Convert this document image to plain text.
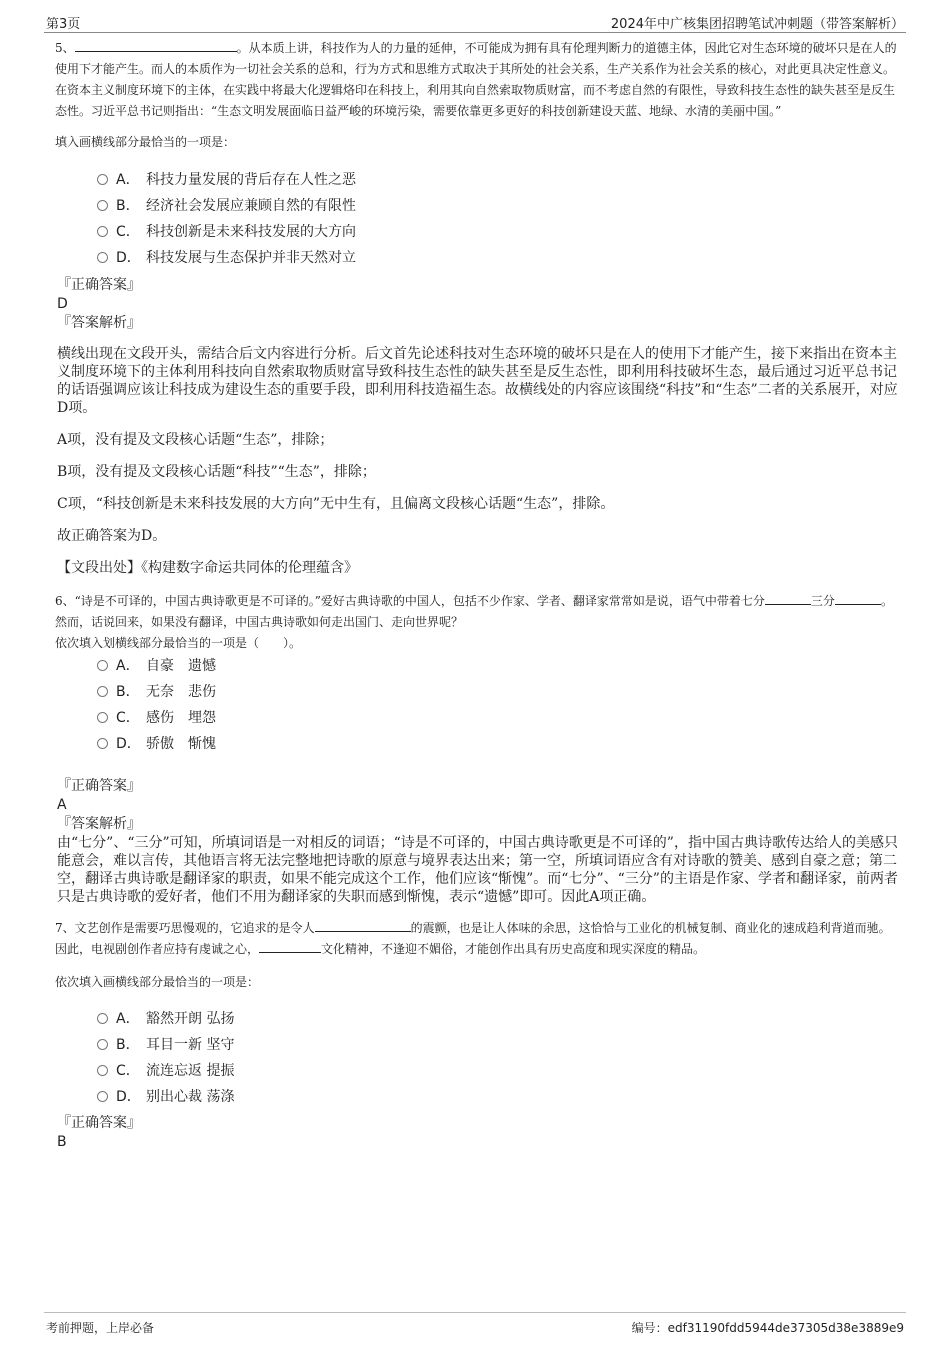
第3页	2024年中广核集团招聘笔试冲刺题（带答案解析）

5、	。从本质上讲，科技作为人的力量的延伸，不可能成为拥有具有伦理判断力的道德主体，因此它对生态环境的破坏只是在人的使用下才能产生。而人的本质作为一切社会关系的总和，行为方式和思维方式取决于其所处的社会关系，生产关系作为社会关系的核心，对此更具决定性意义。在资本主义制度环境下的主体，在实践中将最大化逻辑烙印在科技上，利用其向自然索取物质财富，而不考虑自然的有限性，导致科技生态性的缺失甚至是反生态性。习近平总书记则指出：“生态文明发展面临日益严峻的环境污染，需要依靠更多更好的科技创新建设天蓝、地绿、水清的美丽中国。”

填入画横线部分最恰当的一项是：

A． 科技力量发展的背后存在人性之恶
B． 经济社会发展应兼顾自然的有限性
C． 科技创新是未来科技发展的大方向
D． 科技发展与生态保护并非天然对立

『正确答案』

D

『答案解析』

横线出现在文段开头，需结合后文内容进行分析。后文首先论述科技对生态环境的破坏只是在人的使用下才能产生，接下来指出在资本主义制度环境下的主体利用科技向自然索取物质财富导致科技生态性的缺失甚至是反生态性，即利用科技破坏生态，最后通过习近平总书记的话语强调应该让科技成为建设生态的重要手段，即利用科技造福生态。故横线处的内容应该围绕“科技”和“生态”二者的关系展开，对应D项。

A项，没有提及文段核心话题“生态”，排除；

B项，没有提及文段核心话题“科技”“生态”，排除；

C项，“科技创新是未来科技发展的大方向”无中生有，且偏离文段核心话题“生态”，排除。

故正确答案为D。

【文段出处】《构建数字命运共同体的伦理蕴含》

6、“诗是不可译的，中国古典诗歌更是不可译的。”爱好古典诗歌的中国人，包括不少作家、学者、翻译家常常如是说，语气中带着七分	三分	。然而，话说回来，如果没有翻译，中国古典诗歌如何走出国门、走向世界呢？

依次填入划横线部分最恰当的一项是（　　）。

A． 自豪　遗憾
B． 无奈　悲伤
C． 感伤　埋怨
D． 骄傲　惭愧

『正确答案』

A

『答案解析』

由“七分”、“三分”可知，所填词语是一对相反的词语；“诗是不可译的，中国古典诗歌更是不可译的”，指中国古典诗歌传达给人的美感只能意会，难以言传，其他语言将无法完整地把诗歌的原意与境界表达出来；第一空，所填词语应含有对诗歌的赞美、感到自豪之意；第二空，翻译古典诗歌是翻译家的职责，如果不能完成这个工作，他们应该“惭愧”。而“七分”、“三分”的主语是作家、学者和翻译家，前两者只是古典诗歌的爱好者，他们不用为翻译家的失职而感到惭愧，表示“遗憾”即可。因此A项正确。

7、文艺创作是需要巧思慢观的，它追求的是令人	的震颤，也是让人体味的余思，这恰恰与工业化的机械复制、商业化的速成趋利背道而驰。因此，电视剧创作者应持有虔诚之心，	文化精神，不逢迎不媚俗，才能创作出具有历史高度和现实深度的精品。

依次填入画横线部分最恰当的一项是：

A． 豁然开朗 弘扬
B． 耳目一新 坚守
C． 流连忘返 提振
D． 别出心裁 荡涤

『正确答案』

B

考前押题，上岸必备	编号：edf31190fdd5944de37305d38e3889e9
